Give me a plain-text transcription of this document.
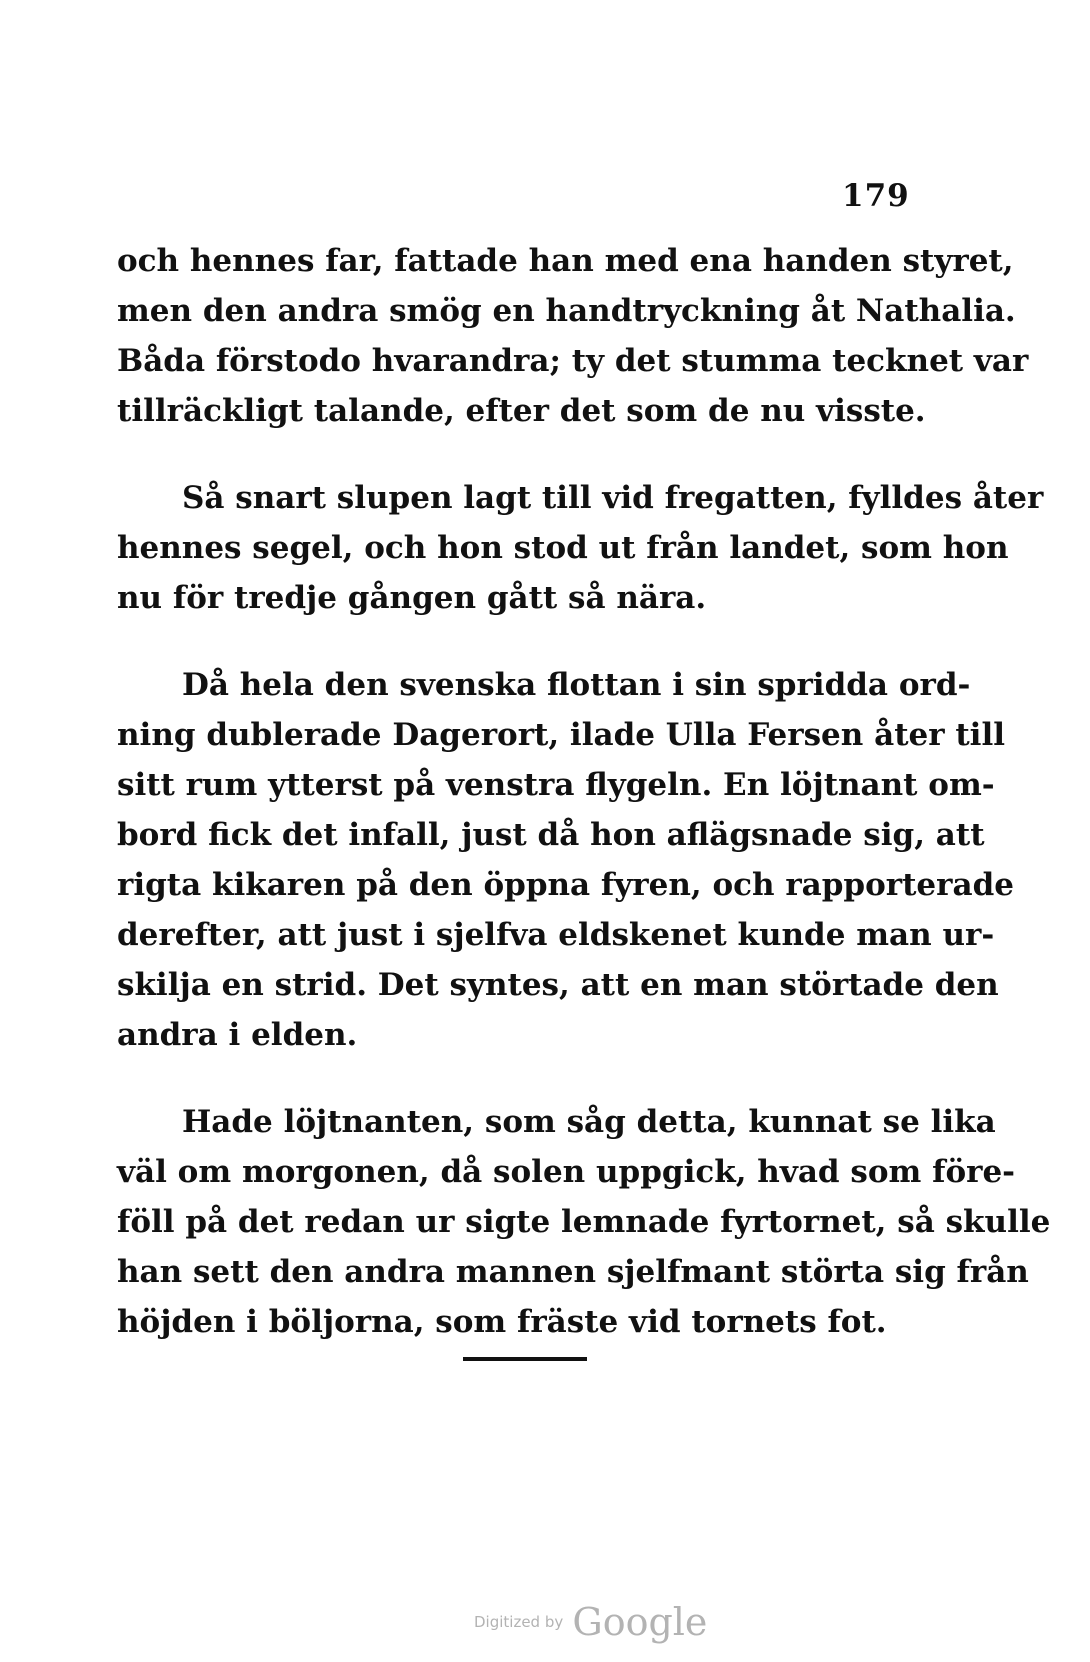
179
och hennes far, fattade han med ena handen styret,
men den andra smög en handtryckning åt Nathalia.
Båda förstodo hvarandra; ty det stumma tecknet var
tillräckligt talande, efter det som de nu visste.
Så snart slupen lagt till vid fregatten, fylldes åter
hennes segel, och hon stod ut från landet, som hon
nu för tredje gången gått så nära.
Då hela den svenska flottan i sin spridda ord-
ning dublerade Dagerort, ilade Ulla Fersen åter till
sitt rum ytterst på venstra flygeln. En löjtnant om-
bord fick det infall, just då hon aflägsnade sig, att
rigta kikaren på den öppna fyren, och rapporterade
derefter, att just i sjelfva eldskenet kunde man ur-
skilja en strid. Det syntes, att en man störtade den
andra i elden.
Hade löjtnanten, som såg detta, kunnat se lika
väl om morgonen, då solen uppgick, hvad som före-
föll på det redan ur sigte lemnade fyrtornet, så skulle
han sett den andra mannen sjelfmant störta sig från
höjden i böljorna, som fräste vid tornets fot.
Digitized by Google
